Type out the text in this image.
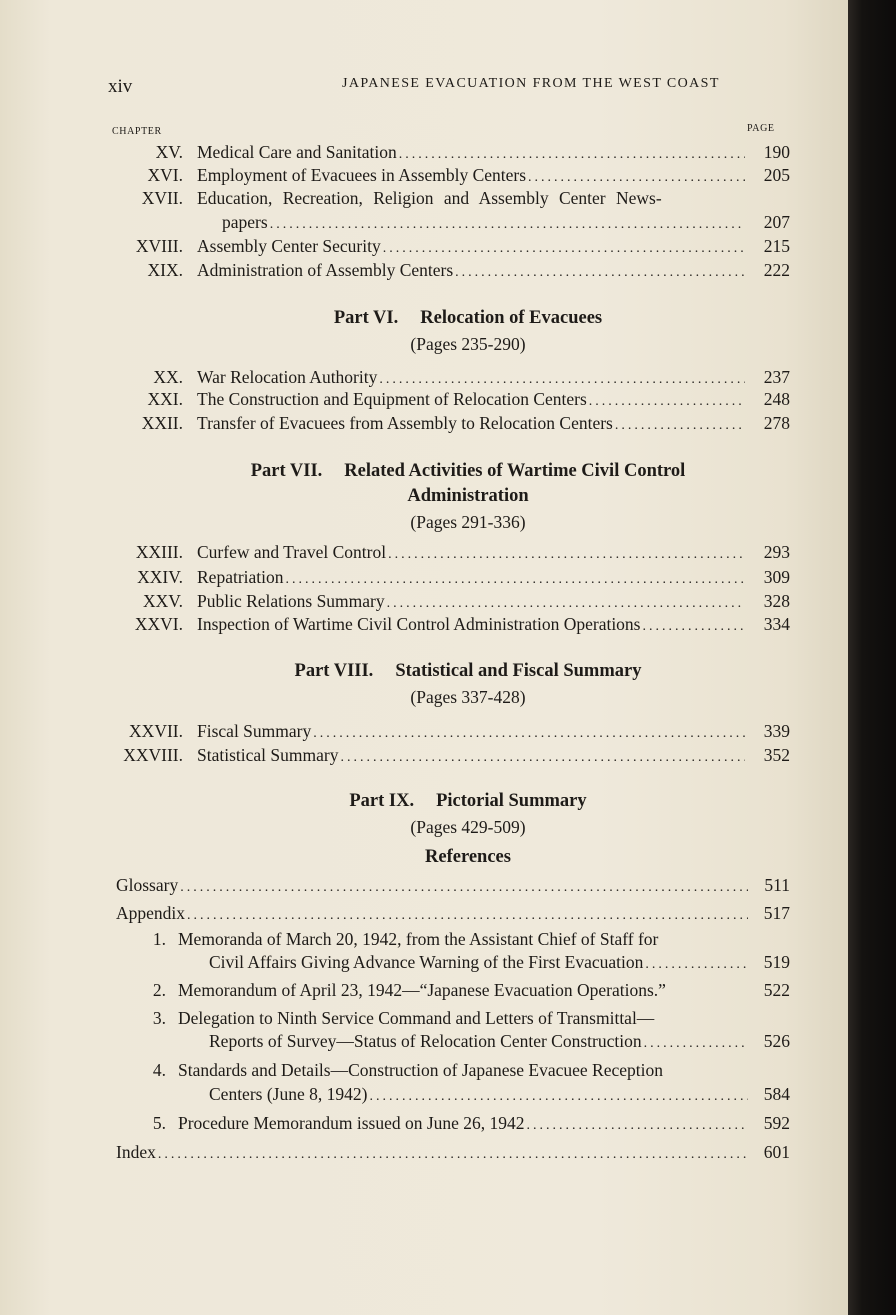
xiv	JAPANESE EVACUATION FROM THE WEST COAST
CHAPTER	PAGE
XV. Medical Care and Sanitation .....	190
XVI. Employment of Evacuees in Assembly Centers .....	205
XVII. Education, Recreation, Religion and Assembly Center News-
papers .....	207
XVIII. Assembly Center Security .....	215
XIX. Administration of Assembly Centers .....	222
Part VI. Relocation of Evacuees
(Pages 235-290)
XX. War Relocation Authority .....	237
XXI. The Construction and Equipment of Relocation Centers .....	248
XXII. Transfer of Evacuees from Assembly to Relocation Centers .....	278
Part VII. Related Activities of Wartime Civil Control
Administration
(Pages 291-336)
XXIII. Curfew and Travel Control .....	293
XXIV. Repatriation .....	309
XXV. Public Relations Summary .....	328
XXVI. Inspection of Wartime Civil Control Administration Operations .....	334
Part VIII. Statistical and Fiscal Summary
(Pages 337-428)
XXVII. Fiscal Summary .....	339
XXVIII. Statistical Summary .....	352
Part IX. Pictorial Summary
(Pages 429-509)
References
Glossary .....	511
Appendix .....	517
1. Memoranda of March 20, 1942, from the Assistant Chief of Staff for
Civil Affairs Giving Advance Warning of the First Evacuation .....	519
2. Memorandum of April 23, 1942—“Japanese Evacuation Operations.”	522
3. Delegation to Ninth Service Command and Letters of Transmittal—
Reports of Survey—Status of Relocation Center Construction .....	526
4. Standards and Details—Construction of Japanese Evacuee Reception
Centers (June 8, 1942) .....	584
5. Procedure Memorandum issued on June 26, 1942 .....	592
Index .....	601
